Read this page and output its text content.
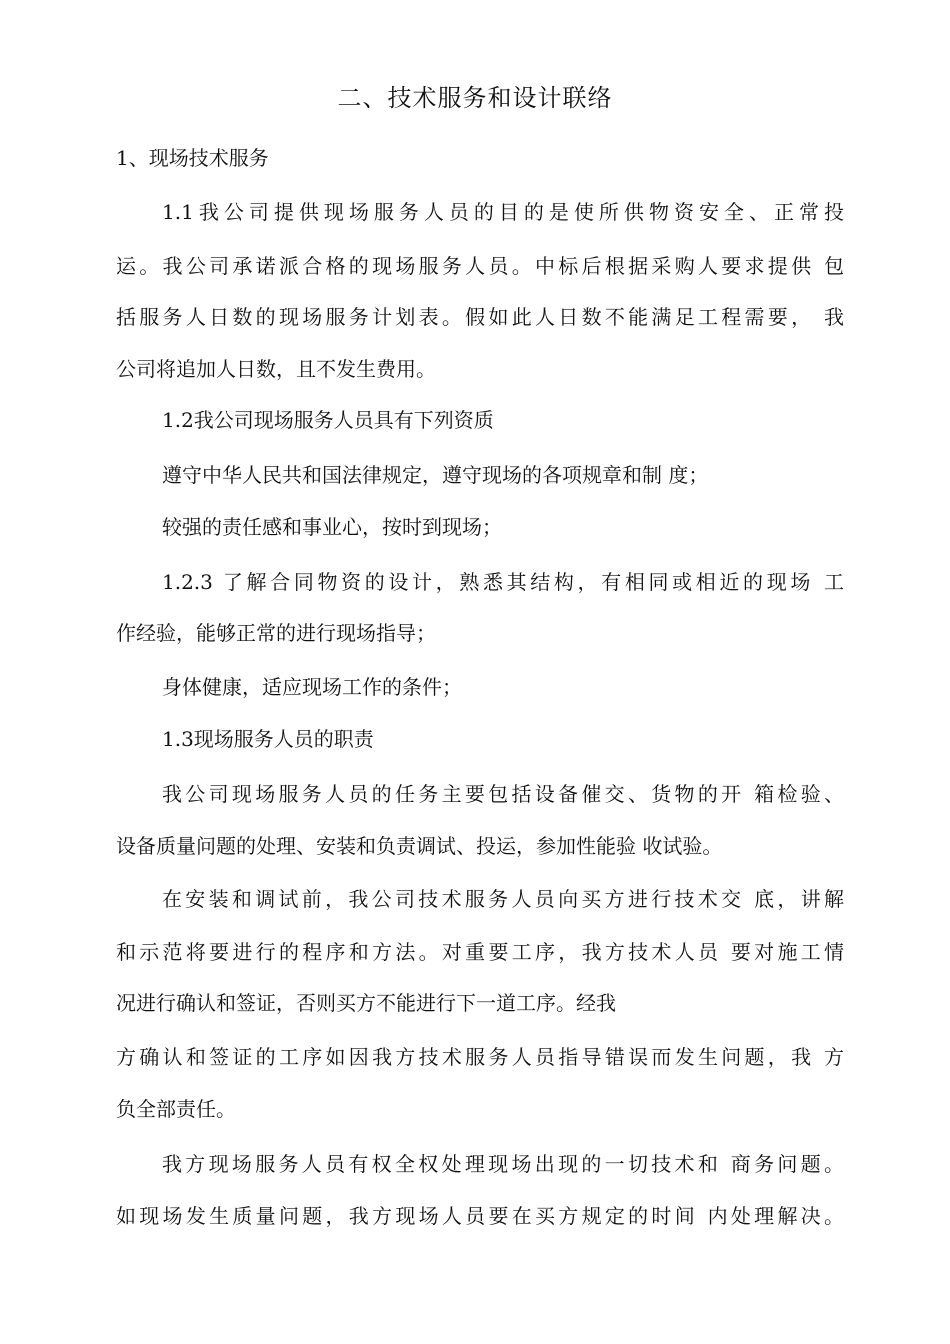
二、技术服务和设计联络
1、现场技术服务
1.1我公司提供现场服务人员的目的是使所供物资安全、正常投
运。我公司承诺派合格的现场服务人员。中标后根据采购人要求提供 包
括服务人日数的现场服务计划表。假如此人日数不能满足工程需要， 我
公司将追加人日数，且不发生费用。
1.2我公司现场服务人员具有下列资质
遵守中华人民共和国法律规定，遵守现场的各项规章和制 度；
较强的责任感和事业心，按时到现场；
1.2.3 了解合同物资的设计，熟悉其结构，有相同或相近的现场 工
作经验，能够正常的进行现场指导；
身体健康，适应现场工作的条件；
1.3现场服务人员的职责
我公司现场服务人员的任务主要包括设备催交、货物的开 箱检验、
设备质量问题的处理、安装和负责调试、投运，参加性能验 收试验。
在安装和调试前，我公司技术服务人员向买方进行技术交 底，讲解
和示范将要进行的程序和方法。对重要工序，我方技术人员 要对施工情
况进行确认和签证，否则买方不能进行下一道工序。经我
方确认和签证的工序如因我方技术服务人员指导错误而发生问题，我 方
负全部责任。
我方现场服务人员有权全权处理现场出现的一切技术和 商务问题。
如现场发生质量问题，我方现场人员要在买方规定的时间 内处理解决。
